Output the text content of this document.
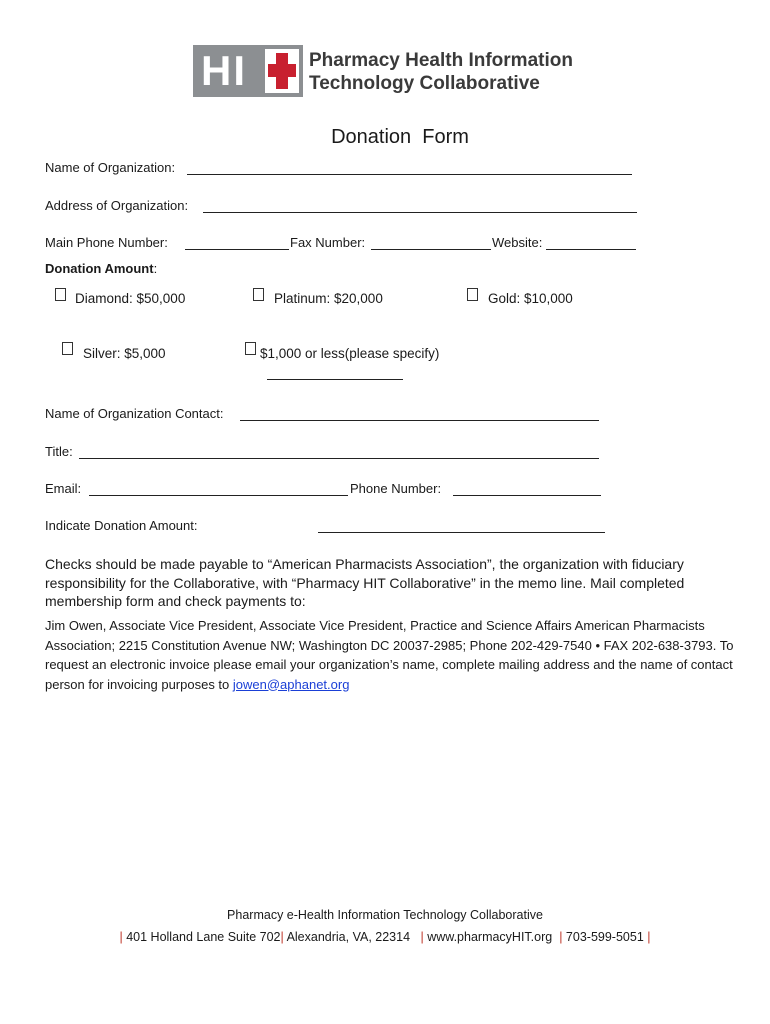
HI	Pharmacy Health Information
Technology Collaborative
Donation  Form
Name of Organization:
Address of Organization:
Main Phone Number:	Fax Number:	Website:
Donation Amount:
Diamond: $50,000	Platinum: $20,000	Gold: $10,000
Silver: $5,000	$1,000 or less(please specify)
Name of Organization Contact:
Title:
Email:	Phone Number:
Indicate Donation Amount:
Checks should be made payable to “American Pharmacists Association”, the organization with fiduciary responsibility for the Collaborative, with “Pharmacy HIT Collaborative” in the memo line. Mail completed membership form and check payments to:
Jim Owen, Associate Vice President, Associate Vice President, Practice and Science Affairs American Pharmacists Association; 2215 Constitution Avenue NW; Washington DC 20037-2985; Phone 202-429-7540 • FAX 202-638-3793. To request an electronic invoice please email your organization’s name, complete mailing address and the name of contact person for invoicing purposes to jowen@aphanet.org
Pharmacy e-Health Information Technology Collaborative
| 401 Holland Lane Suite 702| Alexandria, VA, 22314 | www.pharmacyHIT.org | 703-599-5051 |
